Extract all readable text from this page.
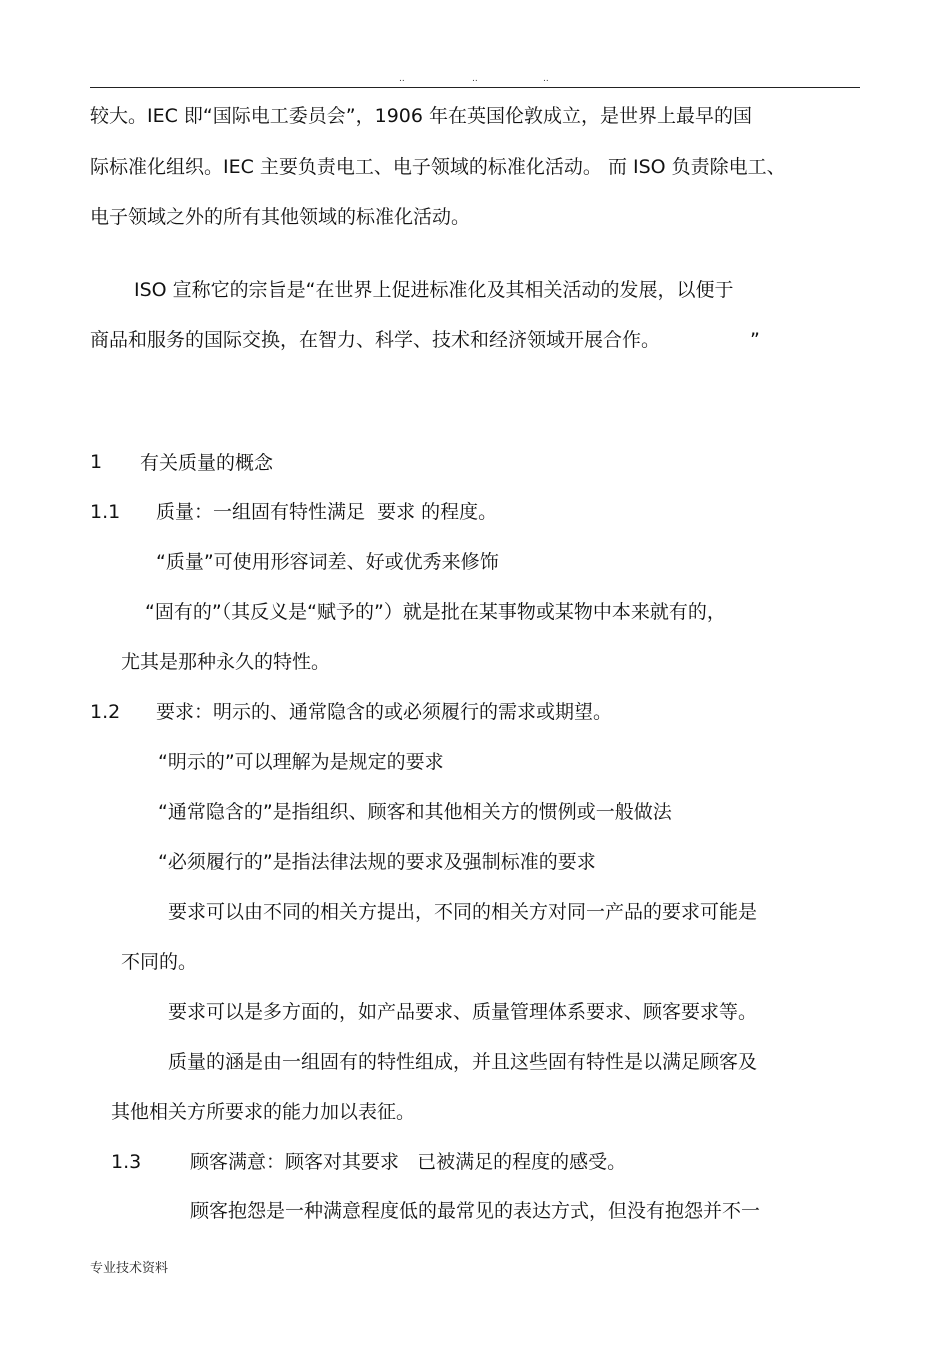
..	..	..
较大。IEC 即“国际电工委员会”，1906 年在英国伦敦成立，是世界上最早的国
际标准化组织。IEC 主要负责电工、电子领域的标准化活动。 而 ISO 负责除电工、
电子领域之外的所有其他领域的标准化活动。
ISO 宣称它的宗旨是“在世界上促进标准化及其相关活动的发展，以便于
商品和服务的国际交换，在智力、科学、技术和经济领域开展合作。	”
1 有关质量的概念
1.1 质量：一组固有特性满足  要求 的程度。
“质量”可使用形容词差、好或优秀来修饰
“固有的”（其反义是“赋予的”）就是批在某事物或某物中本来就有的，
尤其是那种永久的特性。
1.2 要求：明示的、通常隐含的或必须履行的需求或期望。
“明示的”可以理解为是规定的要求
“通常隐含的”是指组织、顾客和其他相关方的惯例或一般做法
“必须履行的”是指法律法规的要求及强制标准的要求
要求可以由不同的相关方提出，不同的相关方对同一产品的要求可能是
不同的。
要求可以是多方面的，如产品要求、质量管理体系要求、顾客要求等。
质量的涵是由一组固有的特性组成，并且这些固有特性是以满足顾客及
其他相关方所要求的能力加以表征。
1.3	顾客满意：顾客对其要求   已被满足的程度的感受。
顾客抱怨是一种满意程度低的最常见的表达方式，但没有抱怨并不一
专业技术资料
